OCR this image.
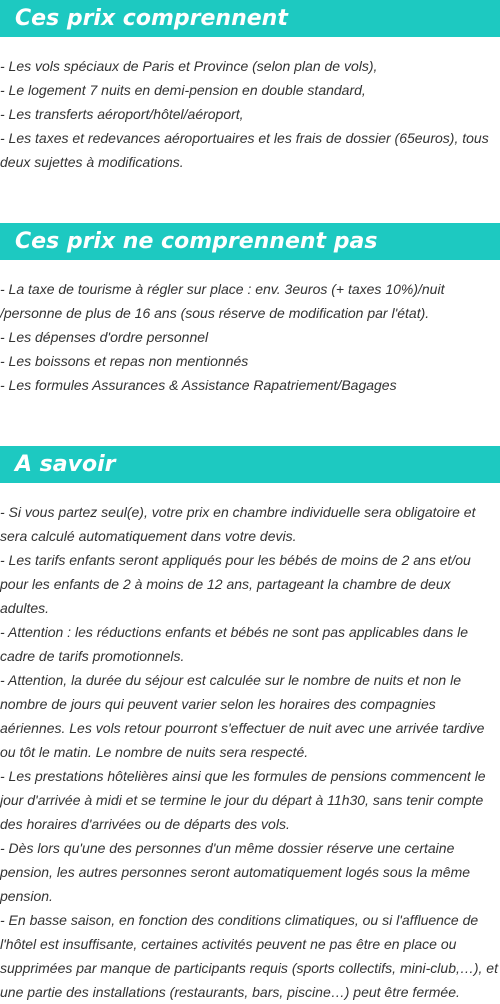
Ces prix comprennent
- Les vols spéciaux de Paris et Province (selon plan de vols),
- Le logement 7 nuits en demi-pension en double standard,
- Les transferts aéroport/hôtel/aéroport,
- Les taxes et redevances aéroportuaires et les frais de dossier (65euros), tous deux sujettes à modifications.
Ces prix ne comprennent pas
- La taxe de tourisme à régler sur place : env. 3euros (+ taxes 10%)/nuit /personne de plus de 16 ans (sous réserve de modification par l'état).
- Les dépenses d'ordre personnel
- Les boissons et repas non mentionnés
- Les formules Assurances & Assistance Rapatriement/Bagages
A savoir
- Si vous partez seul(e), votre prix en chambre individuelle sera obligatoire et sera calculé automatiquement dans votre devis.
- Les tarifs enfants seront appliqués pour les bébés de moins de 2 ans et/ou pour les enfants de 2 à moins de 12 ans, partageant la chambre de deux adultes.
- Attention : les réductions enfants et bébés ne sont pas applicables dans le cadre de tarifs promotionnels.
- Attention, la durée du séjour est calculée sur le nombre de nuits et non le nombre de jours qui peuvent varier selon les horaires des compagnies aériennes. Les vols retour pourront s'effectuer de nuit avec une arrivée tardive ou tôt le matin. Le nombre de nuits sera respecté.
- Les prestations hôtelières ainsi que les formules de pensions commencent le jour d'arrivée à midi et se termine le jour du départ à 11h30, sans tenir compte des horaires d'arrivées ou de départs des vols.
- Dès lors qu'une des personnes d'un même dossier réserve une certaine pension, les autres personnes seront automatiquement logés sous la même pension.
- En basse saison, en fonction des conditions climatiques, ou si l'affluence de l'hôtel est insuffisante, certaines activités peuvent ne pas être en place ou supprimées par manque de participants requis (sports collectifs, mini-club,…), et une partie des installations (restaurants, bars, piscine…) peut être fermée.
